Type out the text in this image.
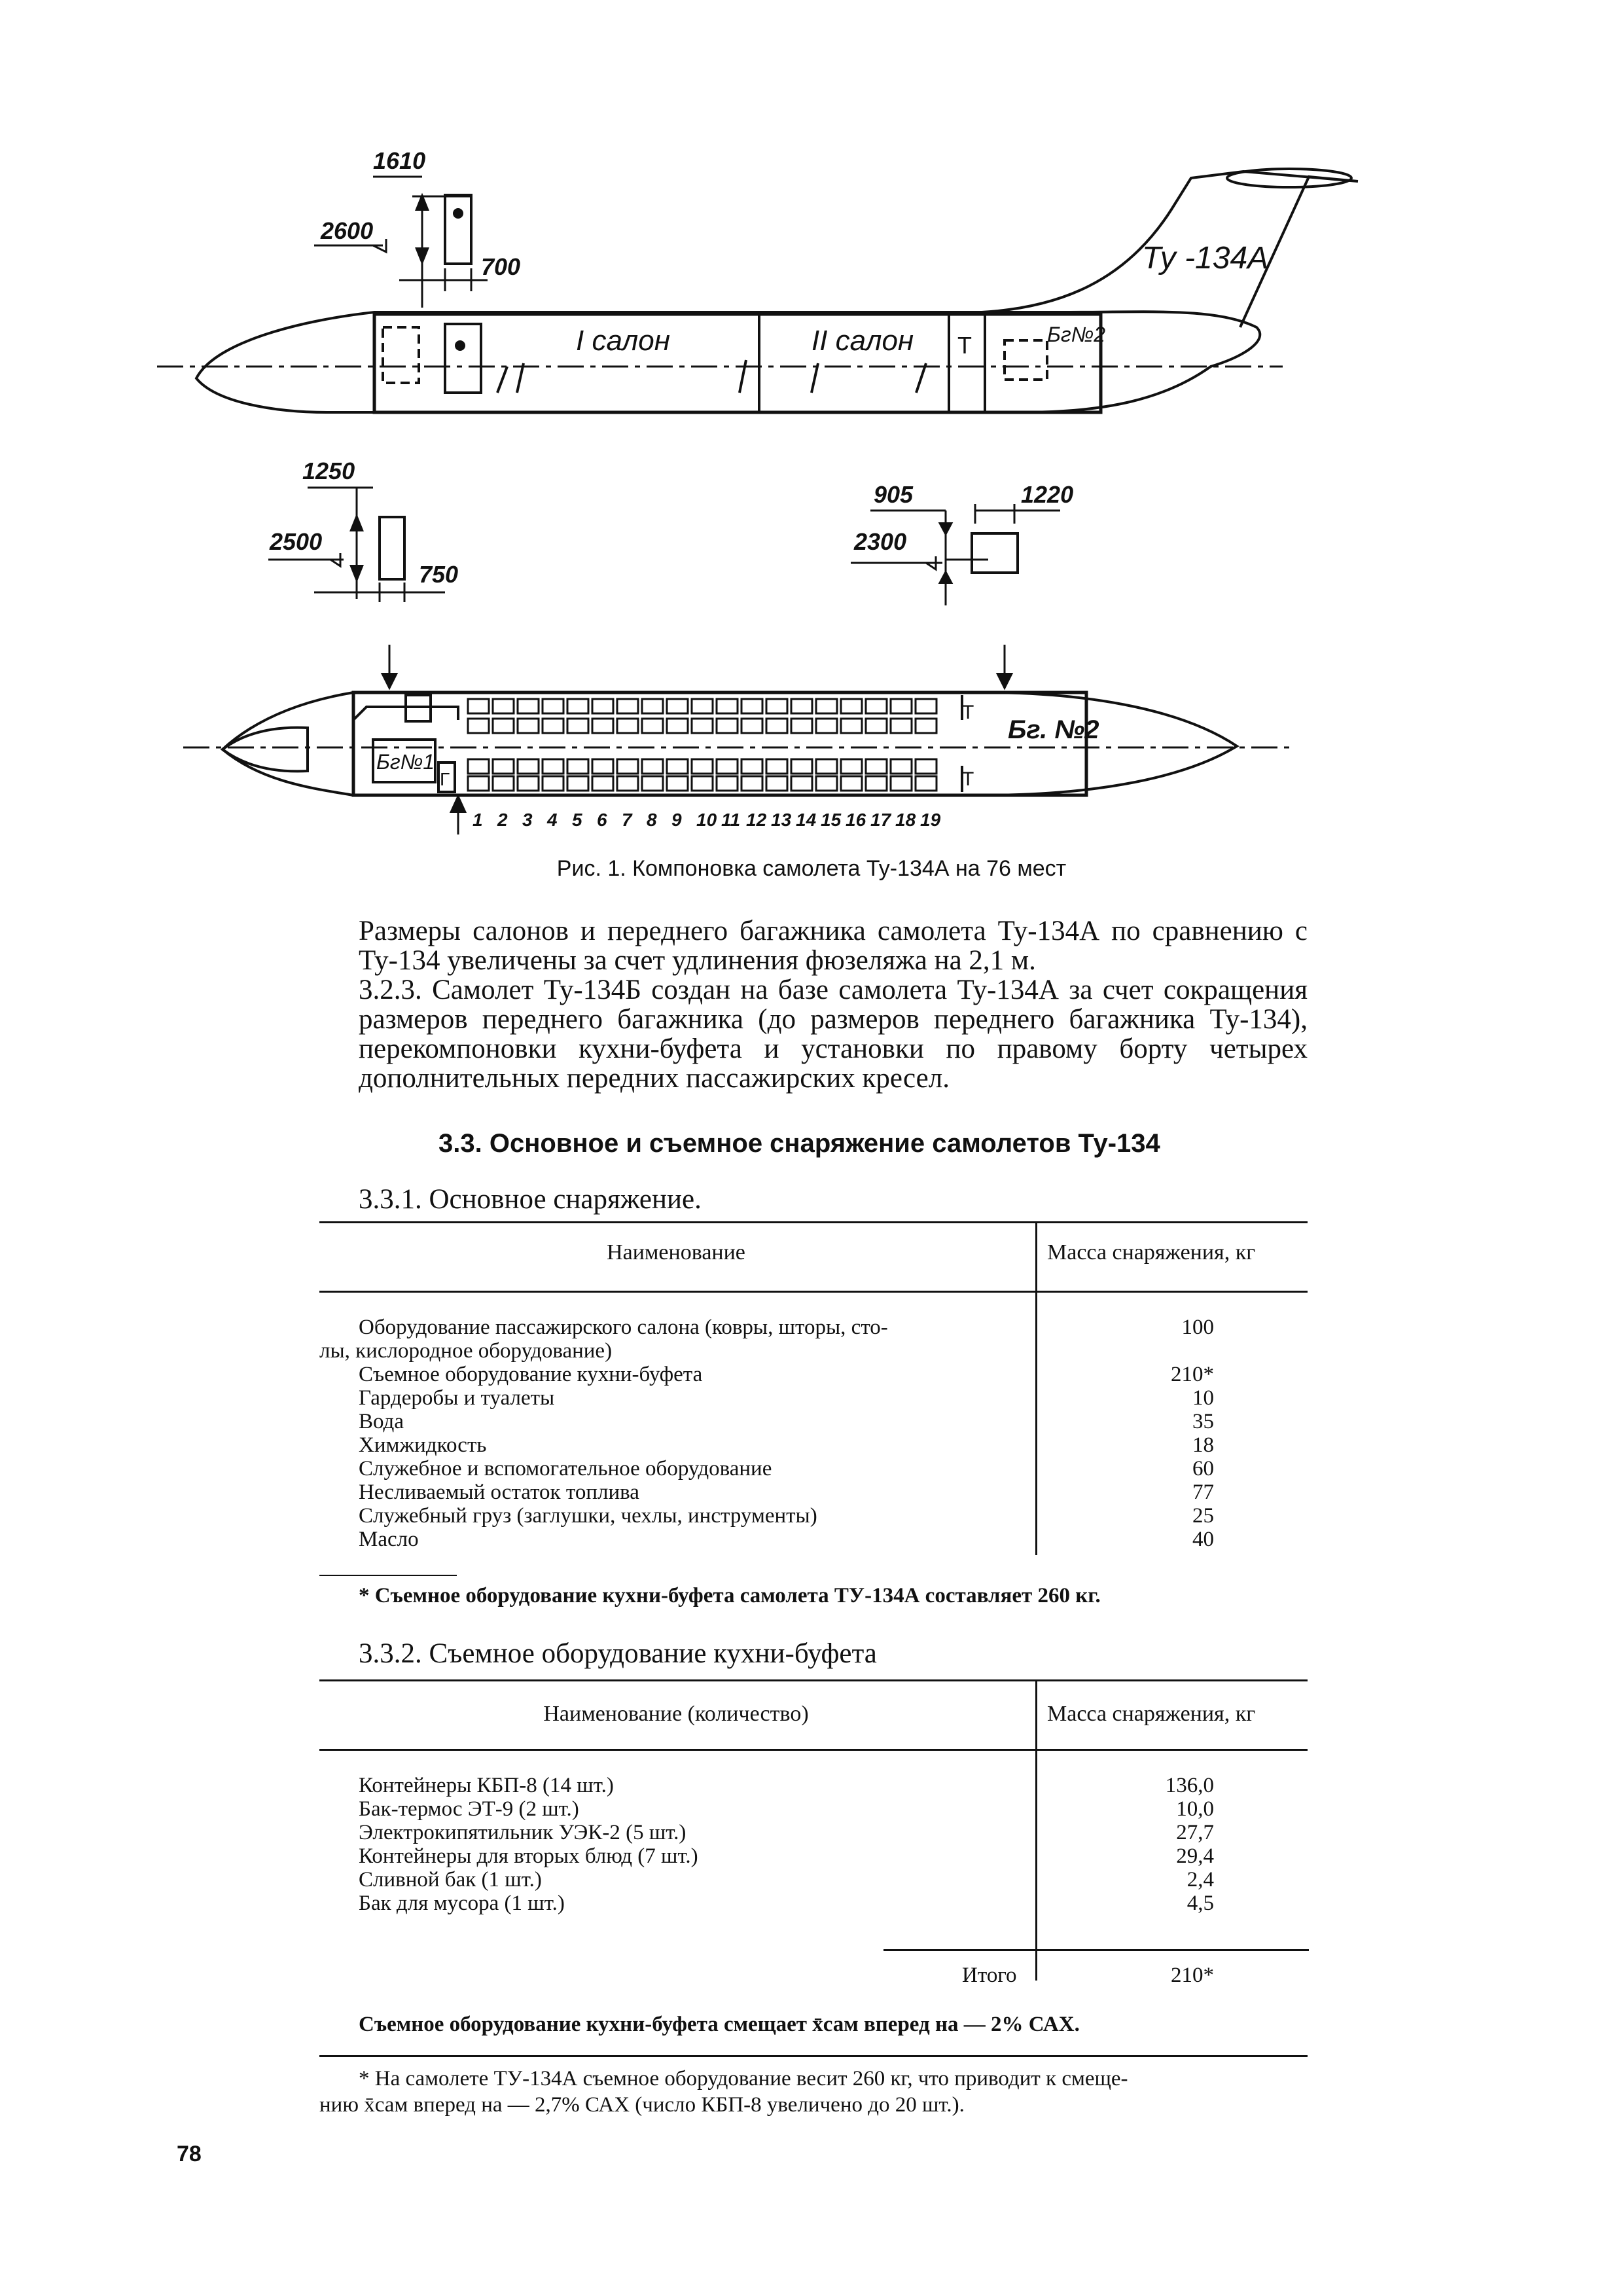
I салон	II салон Т	Бг№2
Ту -134А
1610
2600
700
1250
2500
750
905	1220
2300
Бг№1
Г
Т
Т
Бг. №2
1 2 3 4 5 6 7 8 9 10 11 12 13 14 15 16 17 18 19
Рис. 1. Компоновка самолета Ту-134А на 76 мест
Размеры салонов и переднего багажника самолета Ту-134А по сравнению с Ту-134 увеличены за счет удлинения фюзеляжа на 2,1 м.
3.2.3. Самолет Ту-134Б создан на базе самолета Ту-134А за счет сокращения размеров переднего багажника (до размеров переднего багажника Ту-134), перекомпоновки кухни-буфета и установки по правому борту четырех дополнительных передних пассажирских кресел.
3.3. Основное и съемное снаряжение самолетов Ту-134
3.3.1. Основное снаряжение.
Наименование	Масса снаряжения, кг
Оборудование пассажирского салона (ковры, шторы, сто-	100
лы, кислородное оборудование)
Съемное оборудование кухни-буфета	210*
Гардеробы и туалеты	10
Вода	35
Химжидкость	18
Служебное и вспомогательное оборудование	60
Несливаемый остаток топлива	77
Служебный груз (заглушки, чехлы, инструменты)	25
Масло	40
* Съемное оборудование кухни-буфета самолета ТУ-134А составляет 260 кг.
3.3.2. Съемное оборудование кухни-буфета
Наименование (количество)	Масса снаряжения, кг
Контейнеры КБП-8 (14 шт.)	136,0
Бак-термос ЭТ-9 (2 шт.)	10,0
Электрокипятильник УЭК-2 (5 шт.)	27,7
Контейнеры для вторых блюд (7 шт.)	29,4
Сливной бак (1 шт.)	2,4
Бак для мусора (1 шт.)	4,5
Итого	210*
Съемное оборудование кухни-буфета смещает x̄сам вперед на — 2% САХ.
* На самолете ТУ-134А съемное оборудование весит 260 кг, что приводит к смеще-
нию x̄сам вперед на — 2,7% САХ (число КБП-8 увеличено до 20 шт.).
78
